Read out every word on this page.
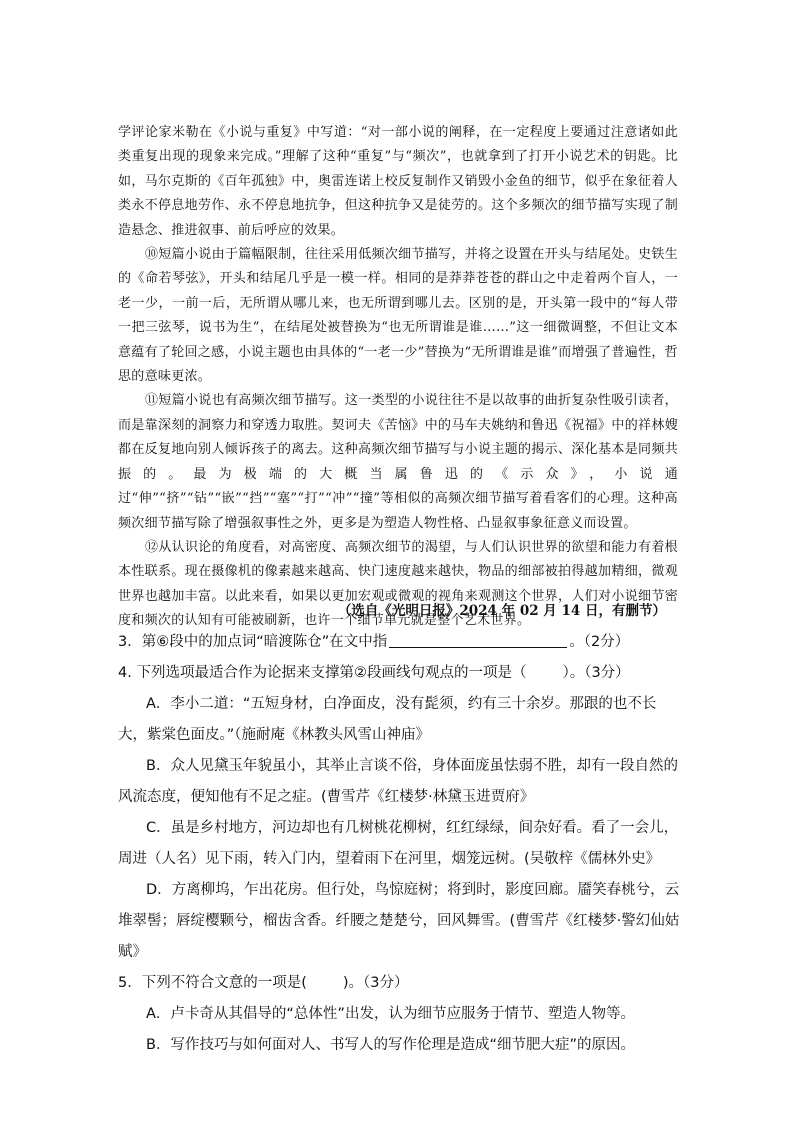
学评论家米勒在《小说与重复》中写道：“对一部小说的阐释，在一定程度上要通过注意诸如此类重复出现的现象来完成。”理解了这种“重复”与“频次”，也就拿到了打开小说艺术的钥匙。比如，马尔克斯的《百年孤独》中，奥雷连诺上校反复制作又销毁小金鱼的细节，似乎在象征着人类永不停息地劳作、永不停息地抗争，但这种抗争又是徒劳的。这个多频次的细节描写实现了制造悬念、推进叙事、前后呼应的效果。

⑩短篇小说由于篇幅限制，往往采用低频次细节描写，并将之设置在开头与结尾处。史铁生的《命若琴弦》，开头和结尾几乎是一模一样。相同的是莽莽苍苍的群山之中走着两个盲人，一老一少，一前一后，无所谓从哪儿来，也无所谓到哪儿去。区别的是，开头第一段中的“每人带一把三弦琴，说书为生”，在结尾处被替换为“也无所谓谁是谁……”这一细微调整，不但让文本意蕴有了轮回之感，小说主题也由具体的“一老一少”替换为“无所谓谁是谁”而增强了普遍性，哲思的意味更浓。

⑪短篇小说也有高频次细节描写。这一类型的小说往往不是以故事的曲折复杂性吸引读者，而是靠深刻的洞察力和穿透力取胜。契诃夫《苦恼》中的马车夫姚纳和鲁迅《祝福》中的祥林嫂都在反复地向别人倾诉孩子的离去。这种高频次细节描写与小说主题的揭示、深化基本是同频共振的。最为极端的大概当属鲁迅的《示众》，小说通过“伸”“挤”“钻”“嵌”“挡”“塞”“打”“冲”“撞”等相似的高频次细节描写着看客们的心理。这种高频次细节描写除了增强叙事性之外，更多是为塑造人物性格、凸显叙事象征意义而设置。

⑫从认识论的角度看，对高密度、高频次细节的渴望，与人们认识世界的欲望和能力有着根本性联系。现在摄像机的像素越来越高、快门速度越来越快，物品的细部被拍得越加精细，微观世界也越加丰富。以此来看，如果以更加宏观或微观的视角来观测这个世界，人们对小说细节密度和频次的认知有可能被刷新，也许一个细节单元就是整个艺术世界。

（选自《光明日报》2024 年 02 月 14 日，有删节）

3．第⑥段中的加点词“暗渡陈仓”在文中指	。（2分）

4. 下列选项最适合作为论据来支撑第②段画线句观点的一项是（ ）。（3分）

A．李小二道：“五短身材，白净面皮，没有髭须，约有三十余岁。那跟的也不长大，紫棠色面皮。”（施耐庵《林教头风雪山神庙》

B．众人见黛玉年貌虽小，其举止言谈不俗，身体面庞虽怯弱不胜，却有一段自然的风流态度，便知他有不足之症。(曹雪芹《红楼梦·林黛玉进贾府》

C．虽是乡村地方，河边却也有几树桃花柳树，红红绿绿，间杂好看。看了一会儿，周进（人名）见下雨，转入门内，望着雨下在河里，烟笼远树。(吴敬梓《儒林外史》

D．方离柳坞，乍出花房。但行处，鸟惊庭树；将到时，影度回廊。靥笑春桃兮，云堆翠髻；唇绽樱颗兮，榴齿含香。纤腰之楚楚兮，回风舞雪。(曹雪芹《红楼梦·警幻仙姑赋》

5．下列不符合文意的一项是( )。（3分）

A．卢卡奇从其倡导的“总体性”出发，认为细节应服务于情节、塑造人物等。

B．写作技巧与如何面对人、书写人的写作伦理是造成“细节肥大症”的原因。
